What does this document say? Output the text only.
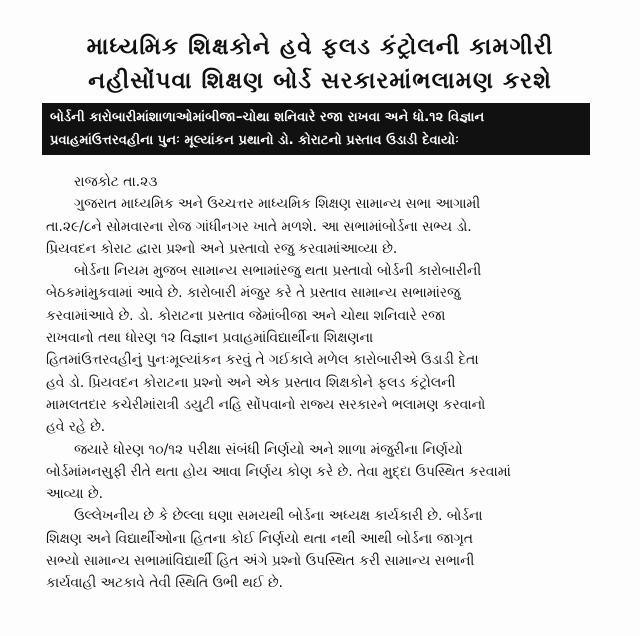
માધ્યમિક શિક્ષકોને હવે ફલડ કંટ્રોલની કામગીરી
નહીસોંપવા શિક્ષણ બોર્ડ સરકારમાંભલામણ કરશે
બોર્ડની કારોબારીમાંશાળાઓમાંબીજા–ચોથા શનિવારે રજા રાખવા અને ધો.૧૨ વિજ્ઞાન
પ્રવાહમાંઉત્તરવહીના પુનઃ મૂલ્યાંકન પ્રથાનો ડો. કોરાટનો પ્રસ્તાવ ઉડાડી દેવાયોઃ
રાજકોટ તા.૨૩
ગુજરાત માધ્યમિક અને ઉચ્ચત્તર માધ્યમિક શિક્ષણ સામાન્ય સભા આગામી
તા.૨૯/૮ને સોમવારના રોજ ગાંધીનગર ખાતે મળશે. આ સભામાંબોર્ડના સભ્ય ડો.
પ્રિયવદન કોરાટ દ્વારા પ્રશ્નો અને પ્રસ્તાવો રજુ કરવામાંઆવ્યા છે.
બોર્ડના નિયમ મુજબ સામાન્ય સભામાંરજુ થતા પ્રસ્તાવો બોર્ડની કારોબારીની
બેઠકમાંમુકવામાં આવે છે. કારોબારી મંજુર કરે તે પ્રસ્તાવ સામાન્ય સભામાંરજુ
કરવામાંઆવે છે. ડો. કોરાટના પ્રસ્તાવ જેમાંબીજા અને ચોથા શનિવારે રજા
રાખવાનો તથા ધોરણ ૧૨ વિજ્ઞાન પ્રવાહમાંવિદ્યાર્થીના શિક્ષણના
હિતમાંઉત્તરવહીનું પુનઃમૂલ્યાંકન કરવું તે ગઈકાલે મળેલ કારોબારીએ ઉડાડી દેતા
હવે ડો. પ્રિયવદન કોરાટના પ્રશ્નો અને એક પ્રસ્તાવ શિક્ષકોને ફલડ કંટ્રોલની
મામલતદાર કચેરીમાંરાત્રી ડયુટી નહિ સોંપવાનો રાજ્ય સરકારને ભલામણ કરવાનો
હવે રહે છે.
જયારે ધોરણ ૧૦/૧૨ પરીક્ષા સંબંધી નિર્ણયો અને શાળા મંજુરીના નિર્ણયો
બોર્ડમાંમનસુફી રીતે થતા હોય આવા નિર્ણય કોણ કરે છે. તેવા મુદ્દા ઉપસ્થિત કરવામાં
આવ્યા છે.
ઉલ્લેખનીય છે કે છેલ્લા ઘણા સમયથી બોર્ડના અધ્યક્ષ કાર્યકારી છે. બોર્ડના
શિક્ષણ અને વિદ્યાર્થીઓના હિતના કોઈ નિર્ણયો થતા નથી આથી બોર્ડના જાગૃત
સભ્યો સામાન્ય સભામાંવિદ્યાર્થી હિત અંગે પ્રશ્નો ઉપસ્થિત કરી સામાન્ય સભાની
કાર્યવાહી અટકાવે તેવી સ્થિતિ ઉભી થઈ છે.
